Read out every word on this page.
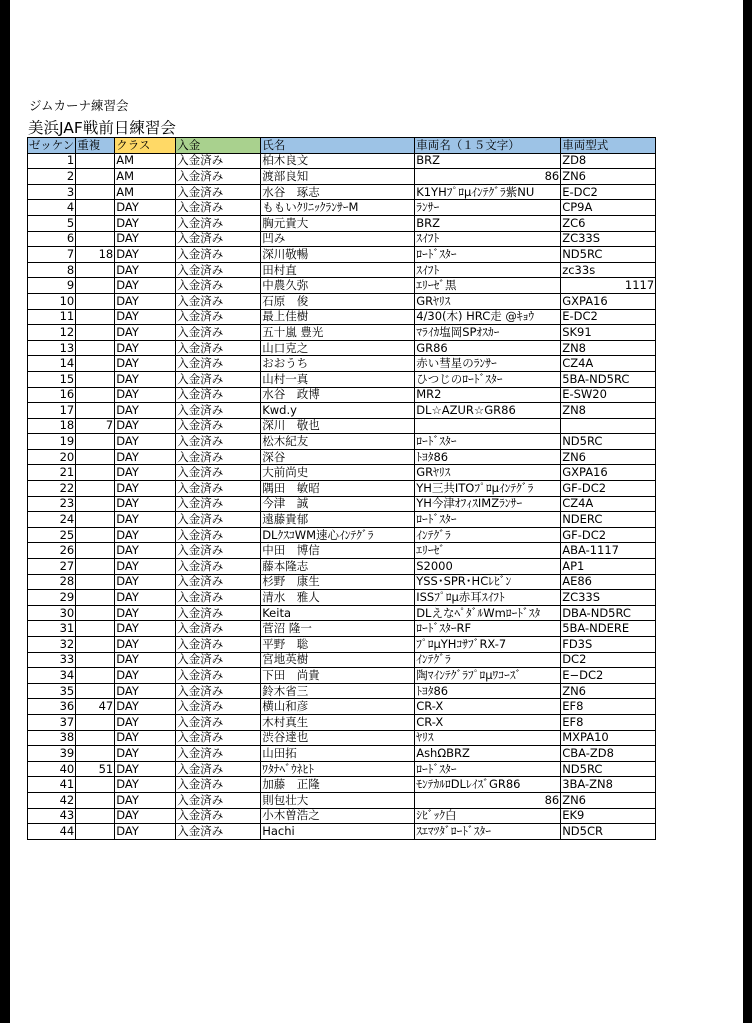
ジムカーナ練習会
美浜JAF戦前日練習会
ゼッケン	重複	クラス	入金	氏名	車両名（１５文字）	車両型式
1		AM	入金済み	柏木良文	BRZ	ZD8
2		AM	入金済み	渡部良知	86	ZN6
3		AM	入金済み	水谷　琢志	K1YHﾌﾟﾛμｲﾝﾃｸﾞﾗ紫NU	E-DC2
4		DAY	入金済み	ももいｸﾘﾆｯｸﾗﾝｻｰM	ﾗﾝｻｰ	CP9A
5		DAY	入金済み	胸元貴大	BRZ	ZC6
6		DAY	入金済み	凹み	ｽｲﾌﾄ	ZC33S
7	18	DAY	入金済み	深川敬暢	ﾛｰﾄﾞｽﾀｰ	ND5RC
8		DAY	入金済み	田村直	ｽｲﾌﾄ	zc33s
9		DAY	入金済み	中農久弥	ｴﾘｰｾﾞ黒	1117
10		DAY	入金済み	石原　俊	GRﾔﾘｽ	GXPA16
11		DAY	入金済み	最上佳樹	4/30(木) HRC走 @ｷｮｳ	E-DC2
12		DAY	入金済み	五十嵐 豊光	ﾏﾗｲｶ塩岡SPｵｽｶｰ	SK91
13		DAY	入金済み	山口克之	GR86	ZN8
14		DAY	入金済み	おおうち	赤い彗星のﾗﾝｻｰ	CZ4A
15		DAY	入金済み	山村一真	ひつじのﾛｰﾄﾞｽﾀｰ	5BA-ND5RC
16		DAY	入金済み	水谷　政博	MR2	E-SW20
17		DAY	入金済み	Kwd.y	DL☆AZUR☆GR86	ZN8
18	7	DAY	入金済み	深川　敬也		
19		DAY	入金済み	松木紀友	ﾛｰﾄﾞｽﾀｰ	ND5RC
20		DAY	入金済み	深谷	ﾄﾖﾀ86	ZN6
21		DAY	入金済み	大前尚史	GRﾔﾘｽ	GXPA16
22		DAY	入金済み	隅田　敏昭	YH三共ITOﾌﾟﾛμｲﾝﾃｸﾞﾗ	GF-DC2
23		DAY	入金済み	今津　誠	YH今津ｵﾌｨｽIMZﾗﾝｻｰ	CZ4A
24		DAY	入金済み	遠藤貴郁	ﾛｰﾄﾞｽﾀｰ	NDERC
25		DAY	入金済み	DLｸｽｺWM速心ｲﾝﾃｸﾞﾗ	ｲﾝﾃｸﾞﾗ	GF-DC2
26		DAY	入金済み	中田　博信	ｴﾘｰｾﾞ	ABA-1117
27		DAY	入金済み	藤本隆志	S2000	AP1
28		DAY	入金済み	杉野　康生	YSS･SPR･HCﾚﾋﾞﾝ	AE86
29		DAY	入金済み	清水　雅人	ISSﾌﾟﾛμ赤耳ｽｲﾌﾄ	ZC33S
30		DAY	入金済み	Keita	DLえなﾍﾟﾀﾞﾙWmﾛｰﾄﾞｽﾀ	DBA-ND5RC
31		DAY	入金済み	菅沼 隆一	ﾛｰﾄﾞｽﾀｰRF	5BA-NDERE
32		DAY	入金済み	平野　聡	ﾌﾟﾛμYHｺｻﾌﾞRX-7	FD3S
33		DAY	入金済み	宮地英樹	ｲﾝﾃｸﾞﾗ	DC2
34		DAY	入金済み	下田　尚貴	陶ﾏｲﾝﾃｸﾞﾗﾌﾟﾛμﾜｺｰｽﾞ	E−DC2
35		DAY	入金済み	鈴木省三	ﾄﾖﾀ86	ZN6
36	47	DAY	入金済み	横山和彦	CR-X	EF8
37		DAY	入金済み	木村真生	CR-X	EF8
38		DAY	入金済み	渋谷達也	ﾔﾘｽ	MXPA10
39		DAY	入金済み	山田拓	AshΩBRZ	CBA-ZD8
40	51	DAY	入金済み	ﾜﾀﾅﾍﾞｳﾈﾋﾄ	ﾛｰﾄﾞｽﾀｰ	ND5RC
41		DAY	入金済み	加藤　正隆	ﾓﾝﾃｶﾙﾛDLﾚｲｽﾞGR86	3BA-ZN8
42		DAY	入金済み	則包壮大	86	ZN6
43		DAY	入金済み	小木曽浩之	ｼﾋﾞｯｸ白	EK9
44		DAY	入金済み	Hachi	ｽｴﾏﾂﾀﾞﾛｰﾄﾞｽﾀｰ	ND5CR
